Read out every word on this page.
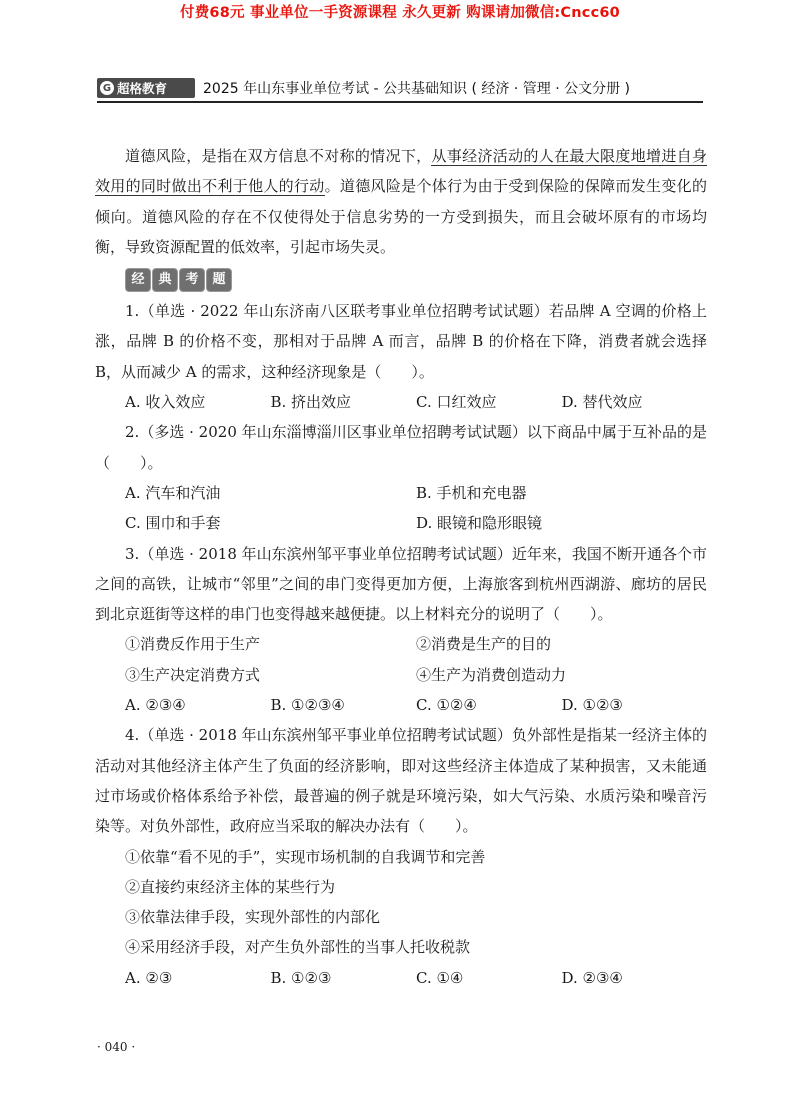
付费68元 事业单位一手资源课程 永久更新 购课请加微信:Cncc60
G 超格教育	2025 年山东事业单位考试 - 公共基础知识 ( 经济 · 管理 · 公文分册 )

道德风险，是指在双方信息不对称的情况下，从事经济活动的人在最大限度地增进自身效用的同时做出不利于他人的行动。道德风险是个体行为由于受到保险的保障而发生变化的倾向。道德风险的存在不仅使得处于信息劣势的一方受到损失，而且会破坏原有的市场均衡，导致资源配置的低效率，引起市场失灵。

经	典	考	题

1.（单选 · 2022 年山东济南八区联考事业单位招聘考试试题）若品牌 A 空调的价格上涨，品牌 B 的价格不变，那相对于品牌 A 而言，品牌 B 的价格在下降，消费者就会选择 B，从而减少 A 的需求，这种经济现象是（　　）。

A. 收入效应	B. 挤出效应	C. 口红效应	D. 替代效应

2.（多选 · 2020 年山东淄博淄川区事业单位招聘考试试题）以下商品中属于互补品的是（　　）。

A. 汽车和汽油	B. 手机和充电器
C. 围巾和手套	D. 眼镜和隐形眼镜

3.（单选 · 2018 年山东滨州邹平事业单位招聘考试试题）近年来，我国不断开通各个市之间的高铁，让城市“邻里”之间的串门变得更加方便，上海旅客到杭州西湖游、廊坊的居民到北京逛街等这样的串门也变得越来越便捷。以上材料充分的说明了（　　）。

①消费反作用于生产	②消费是生产的目的
③生产决定消费方式	④生产为消费创造动力
A. ②③④	B. ①②③④	C. ①②④	D. ①②③

4.（单选 · 2018 年山东滨州邹平事业单位招聘考试试题）负外部性是指某一经济主体的活动对其他经济主体产生了负面的经济影响，即对这些经济主体造成了某种损害，又未能通过市场或价格体系给予补偿，最普遍的例子就是环境污染，如大气污染、水质污染和噪音污染等。对负外部性，政府应当采取的解决办法有（　　）。

①依靠“看不见的手”，实现市场机制的自我调节和完善
②直接约束经济主体的某些行为
③依靠法律手段，实现外部性的内部化
④采用经济手段，对产生负外部性的当事人托收税款
A. ②③	B. ①②③	C. ①④	D. ②③④
· 040 ·
